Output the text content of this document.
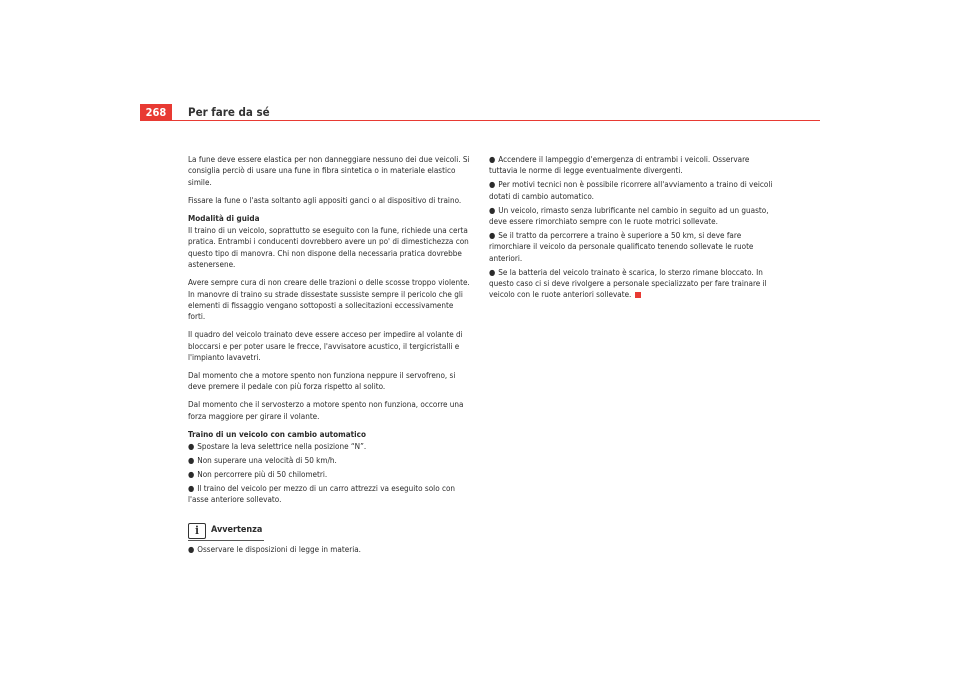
268	Per fare da sé

La fune deve essere elastica per non danneggiare nessuno dei due veicoli. Si consiglia perciò di usare una fune in fibra sintetica o in materiale elastico simile.

Fissare la fune o l'asta soltanto agli appositi ganci o al dispositivo di traino.

Modalità di guida

Il traino di un veicolo, soprattutto se eseguito con la fune, richiede una certa pratica. Entrambi i conducenti dovrebbero avere un po' di dimestichezza con questo tipo di manovra. Chi non dispone della necessaria pratica dovrebbe astenersene.

Avere sempre cura di non creare delle trazioni o delle scosse troppo violente. In manovre di traino su strade dissestate sussiste sempre il pericolo che gli elementi di fissaggio vengano sottoposti a sollecitazioni eccessivamente forti.

Il quadro del veicolo trainato deve essere acceso per impedire al volante di bloccarsi e per poter usare le frecce, l'avvisatore acustico, il tergicristalli e l'impianto lavavetri.

Dal momento che a motore spento non funziona neppure il servofreno, si deve premere il pedale con più forza rispetto al solito.

Dal momento che il servosterzo a motore spento non funziona, occorre una forza maggiore per girare il volante.

Traino di un veicolo con cambio automatico
● Spostare la leva selettrice nella posizione “N”.
● Non superare una velocità di 50 km/h.
● Non percorrere più di 50 chilometri.
● Il traino del veicolo per mezzo di un carro attrezzi va eseguito solo con l'asse anteriore sollevato.
i	Avvertenza
● Osservare le disposizioni di legge in materia.
● Accendere il lampeggio d'emergenza di entrambi i veicoli. Osservare tuttavia le norme di legge eventualmente divergenti.
● Per motivi tecnici non è possibile ricorrere all'avviamento a traino di veicoli dotati di cambio automatico.
● Un veicolo, rimasto senza lubrificante nel cambio in seguito ad un guasto, deve essere rimorchiato sempre con le ruote motrici sollevate.
● Se il tratto da percorrere a traino è superiore a 50 km, si deve fare rimorchiare il veicolo da personale qualificato tenendo sollevate le ruote anteriori.
● Se la batteria del veicolo trainato è scarica, lo sterzo rimane bloccato. In questo caso ci si deve rivolgere a personale specializzato per fare trainare il veicolo con le ruote anteriori sollevate.
